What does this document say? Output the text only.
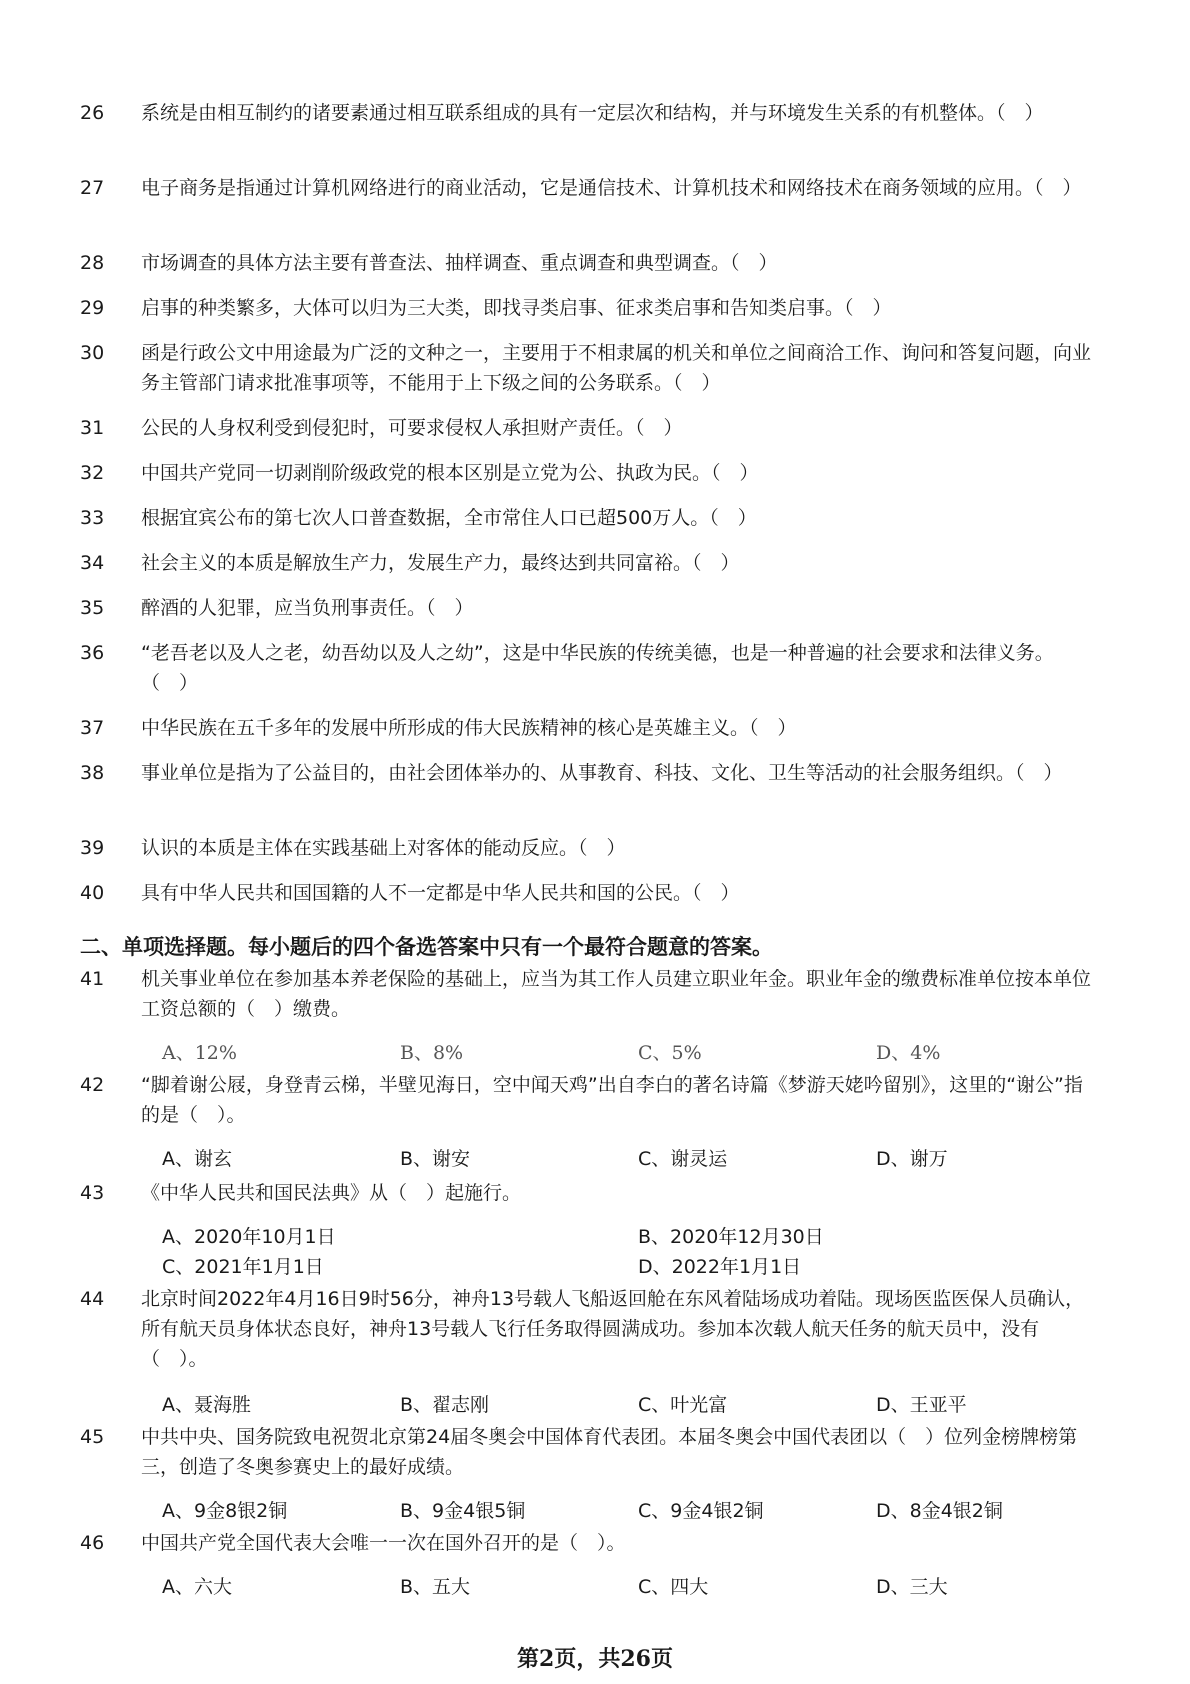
26	系统是由相互制约的诸要素通过相互联系组成的具有一定层次和结构，并与环境发生关系的有机整体。（　）

27	电子商务是指通过计算机网络进行的商业活动，它是通信技术、计算机技术和网络技术在商务领域的应用。（　）

28	市场调查的具体方法主要有普查法、抽样调查、重点调查和典型调查。（　）

29	启事的种类繁多，大体可以归为三大类，即找寻类启事、征求类启事和告知类启事。（　）

30	函是行政公文中用途最为广泛的文种之一，主要用于不相隶属的机关和单位之间商洽工作、询问和答复问题，向业务主管部门请求批准事项等，不能用于上下级之间的公务联系。（　）

31	公民的人身权利受到侵犯时，可要求侵权人承担财产责任。（　）

32	中国共产党同一切剥削阶级政党的根本区别是立党为公、执政为民。（　）

33	根据宜宾公布的第七次人口普查数据，全市常住人口已超500万人。（　）

34	社会主义的本质是解放生产力，发展生产力，最终达到共同富裕。（　）

35	醉酒的人犯罪，应当负刑事责任。（　）

36	“老吾老以及人之老，幼吾幼以及人之幼”，这是中华民族的传统美德，也是一种普遍的社会要求和法律义务。（　）

37	中华民族在五千多年的发展中所形成的伟大民族精神的核心是英雄主义。（　）

38	事业单位是指为了公益目的，由社会团体举办的、从事教育、科技、文化、卫生等活动的社会服务组织。（　）

39	认识的本质是主体在实践基础上对客体的能动反应。（　）

40	具有中华人民共和国国籍的人不一定都是中华人民共和国的公民。（　）

二、单项选择题。每小题后的四个备选答案中只有一个最符合题意的答案。
41	机关事业单位在参加基本养老保险的基础上，应当为其工作人员建立职业年金。职业年金的缴费标准单位按本单位工资总额的（　）缴费。

A、12%	B、8%	C、5%	D、4%
42	“脚着谢公屐，身登青云梯，半壁见海日，空中闻天鸡”出自李白的著名诗篇《梦游天姥吟留别》，这里的“谢公”指的是（　）。

A、谢玄	B、谢安	C、谢灵运	D、谢万
43	《中华人民共和国民法典》从（　）起施行。

A、2020年10月1日	B、2020年12月30日
C、2021年1月1日	D、2022年1月1日
44	北京时间2022年4月16日9时56分，神舟13号载人飞船返回舱在东风着陆场成功着陆。现场医监医保人员确认，所有航天员身体状态良好，神舟13号载人飞行任务取得圆满成功。参加本次载人航天任务的航天员中，没有（　）。

A、聂海胜	B、翟志刚	C、叶光富	D、王亚平
45	中共中央、国务院致电祝贺北京第24届冬奥会中国体育代表团。本届冬奥会中国代表团以（　）位列金榜牌榜第三，创造了冬奥参赛史上的最好成绩。

A、9金8银2铜	B、9金4银5铜	C、9金4银2铜	D、8金4银2铜
46	中国共产党全国代表大会唯一一次在国外召开的是（　）。

A、六大	B、五大	C、四大	D、三大
第2页，共26页
